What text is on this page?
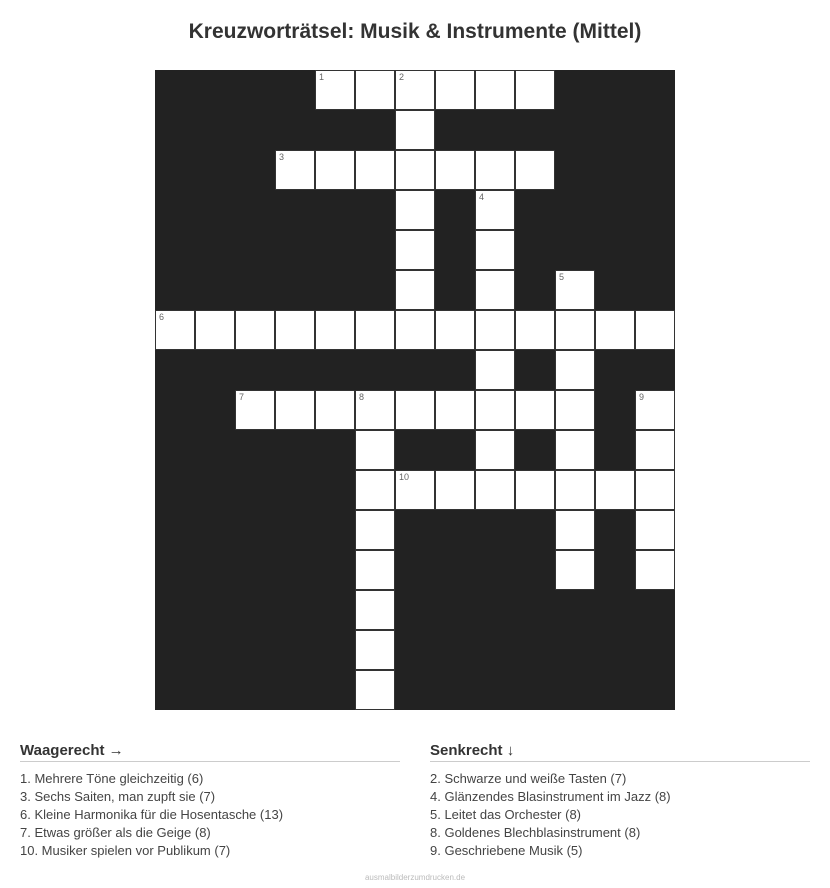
Kreuzworträtsel: Musik & Instrumente (Mittel)
1	2
3
4
5
6
7	8	9
10
Waagerecht →
1. Mehrere Töne gleichzeitig (6)
3. Sechs Saiten, man zupft sie (7)
6. Kleine Harmonika für die Hosentasche (13)
7. Etwas größer als die Geige (8)
10. Musiker spielen vor Publikum (7)
Senkrecht ↓
2. Schwarze und weiße Tasten (7)
4. Glänzendes Blasinstrument im Jazz (8)
5. Leitet das Orchester (8)
8. Goldenes Blechblasinstrument (8)
9. Geschriebene Musik (5)
ausmalbilderzumdrucken.de
